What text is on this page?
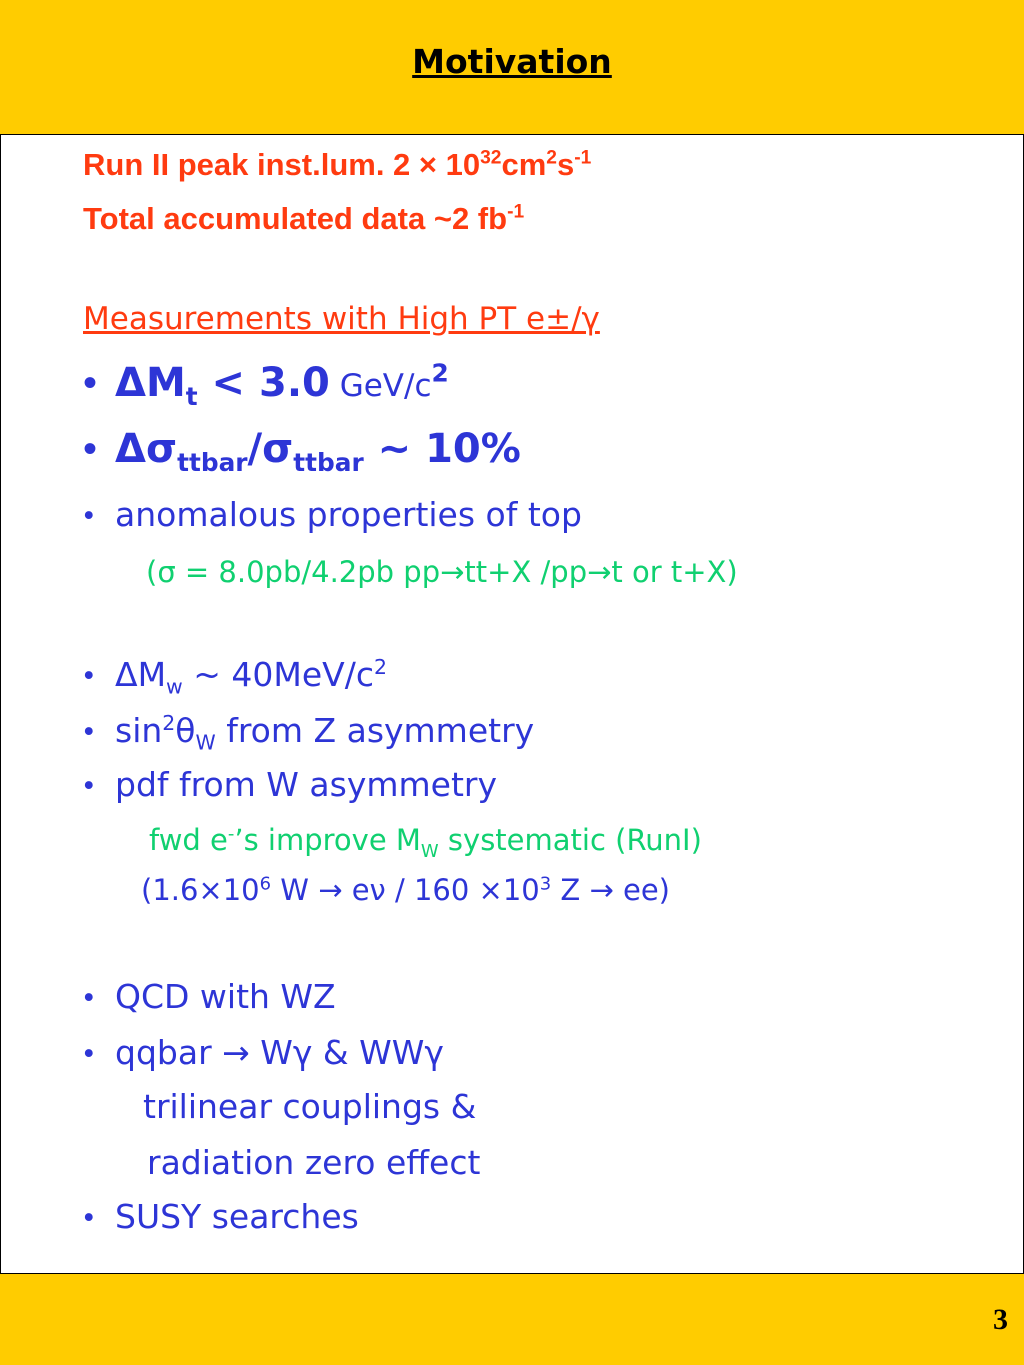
Motivation
Run II peak inst.lum. $2 \times 10^{32}cm^2s^{-1}$
Total accumulated data ~2 $fb^{-1}$
Measurements with High PT e±/γ
• $\Delta M_t < 3.0$ GeV/$c^2$
• $\Delta\sigma_{ttbar}/\sigma_{ttbar}$ ~ 10%
• anomalous properties of top
(σ = 8.0pb/4.2pb pp→tt+X /pp→t or t+X)
• $\Delta M_w$ ~ $40MeV/c^2$
• $\sin^2\theta_W$ from Z asymmetry
• pdf from W asymmetry
fwd e-’s improve $M_W$ systematic (RunI)
($1.6\times 10^6$ $W \to e\nu / 160 \times 10^3$ Z → ee)
• QCD with WZ
• qqbar → Wγ & WWγ
trilinear couplings &
radiation zero effect
• SUSY searches
3
